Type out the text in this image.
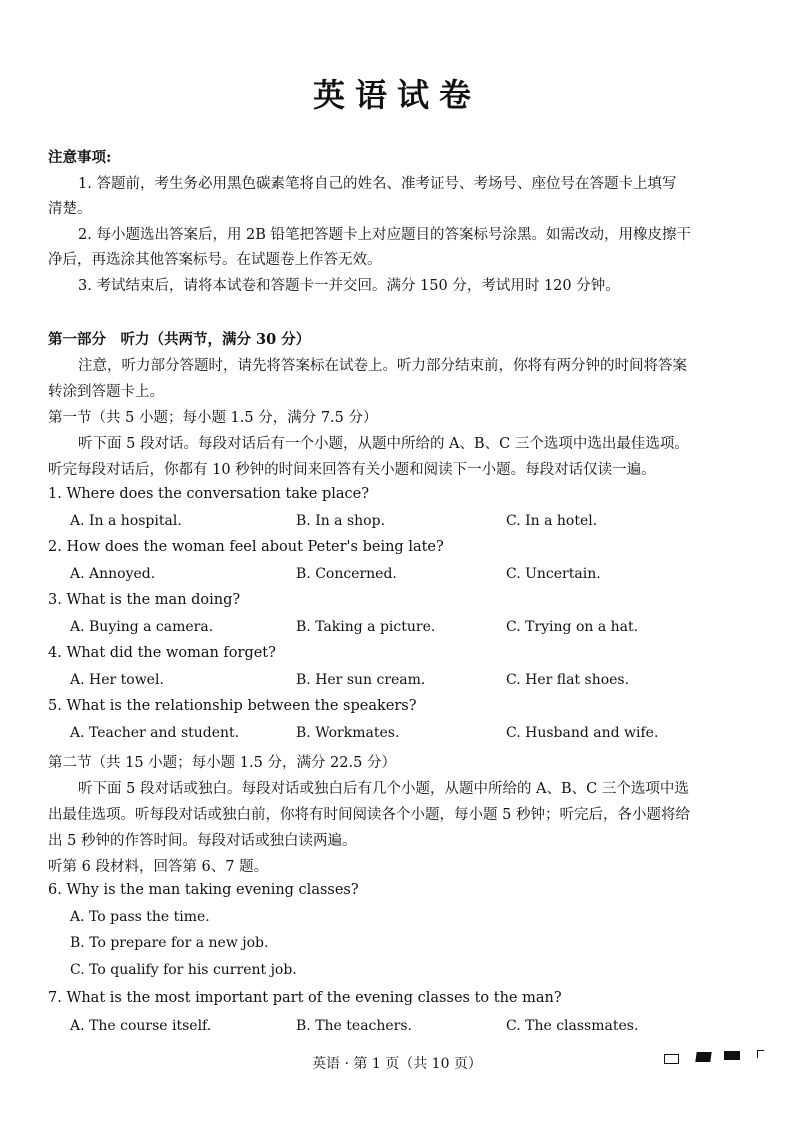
英语试卷
注意事项:
1. 答题前，考生务必用黑色碳素笔将自己的姓名、准考证号、考场号、座位号在答题卡上填写
清楚。
2. 每小题选出答案后，用 2B 铅笔把答题卡上对应题目的答案标号涂黑。如需改动，用橡皮擦干
净后，再选涂其他答案标号。在试题卷上作答无效。
3. 考试结束后，请将本试卷和答题卡一并交回。满分 150 分，考试用时 120 分钟。
第一部分　听力（共两节，满分 30 分）
注意，听力部分答题时，请先将答案标在试卷上。听力部分结束前，你将有两分钟的时间将答案
转涂到答题卡上。
第一节（共 5 小题；每小题 1.5 分，满分 7.5 分）
听下面 5 段对话。每段对话后有一个小题，从题中所给的 A、B、C 三个选项中选出最佳选项。
听完每段对话后，你都有 10 秒钟的时间来回答有关小题和阅读下一小题。每段对话仅读一遍。
1. Where does the conversation take place?
A. In a hospital.	B. In a shop.	C. In a hotel.
2. How does the woman feel about Peter's being late?
A. Annoyed.	B. Concerned.	C. Uncertain.
3. What is the man doing?
A. Buying a camera.	B. Taking a picture.	C. Trying on a hat.
4. What did the woman forget?
A. Her towel.	B. Her sun cream.	C. Her flat shoes.
5. What is the relationship between the speakers?
A. Teacher and student.	B. Workmates.	C. Husband and wife.
第二节（共 15 小题；每小题 1.5 分，满分 22.5 分）
听下面 5 段对话或独白。每段对话或独白后有几个小题，从题中所给的 A、B、C 三个选项中选
出最佳选项。听每段对话或独白前，你将有时间阅读各个小题，每小题 5 秒钟；听完后，各小题将给
出 5 秒钟的作答时间。每段对话或独白读两遍。
听第 6 段材料，回答第 6、7 题。
6. Why is the man taking evening classes?
A. To pass the time.
B. To prepare for a new job.
C. To qualify for his current job.
7. What is the most important part of the evening classes to the man?
A. The course itself.	B. The teachers.	C. The classmates.
英语 · 第 1 页（共 10 页）
